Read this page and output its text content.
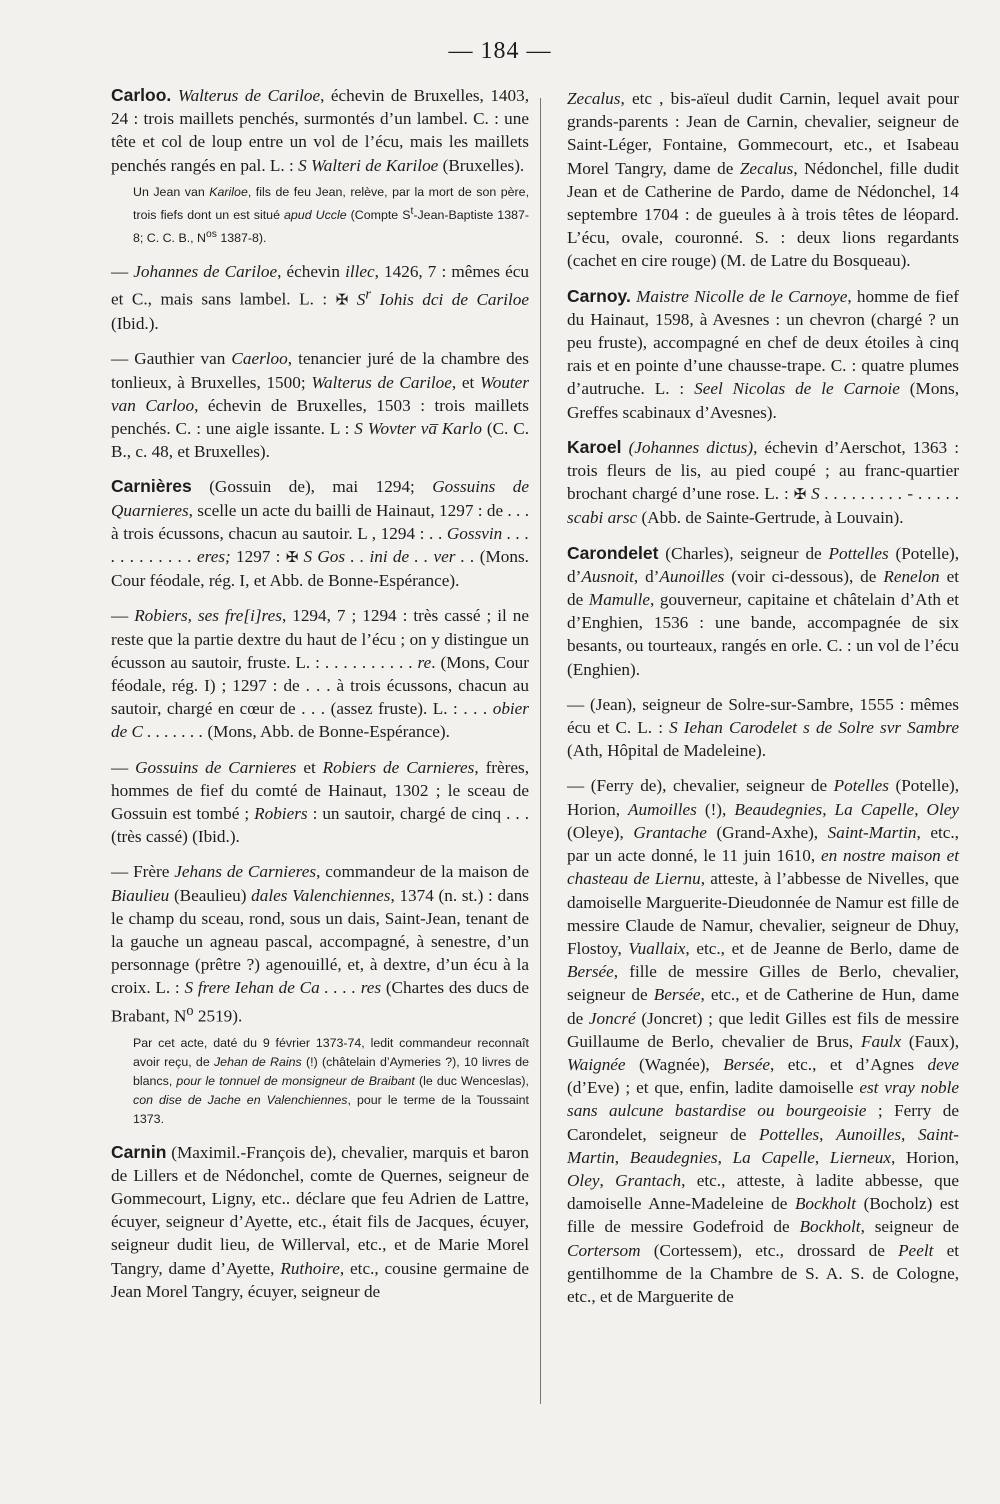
— 184 —

Carloo. Walterus de Cariloe, échevin de Bruxelles, 1403, 24 : trois maillets penchés, surmontés d’un lambel. C. : une tête et col de loup entre un vol de l’écu, mais les maillets penchés rangés en pal. L. : S Walteri de Kariloe (Bruxelles).

Un Jean van Kariloe, fils de feu Jean, relève, par la mort de son père, trois fiefs dont un est situé apud Uccle (Compte $S^t-Jean$-Baptiste 1387-8; C. C. B., $N^{os}$ 1387-8).

— Johannes de Cariloe, échevin illec, 1426, 7 : mêmes écu et C., mais sans lambel. L. : ✠ $S^r$ Iohis dci de Cariloe (Ibid.).

— Gauthier van Caerloo, tenancier juré de la chambre des tonlieux, à Bruxelles, 1500; Walterus de Cariloe, et Wouter van Carloo, échevin de Bruxelles, 1503 : trois maillets penchés. C. : une aigle issante. L : S Wovter va̅ Karlo (C. C. B., c. 48, et Bruxelles).

Carnières (Gossuin de), mai 1294; Gossuins de Quarnieres, scelle un acte du bailli de Hainaut, 1297 : de . . . à trois écussons, chacun au sautoir. L , 1294 : . . Gossvin . . . . . . . . . . . . eres; 1297 : ✠ S Gos . . ini de . . ver . . (Mons. Cour féodale, rég. I, et Abb. de Bonne-Espérance).

— Robiers, ses fre[i]res, 1294, 7 ; 1294 : très cassé ; il ne reste que la partie dextre du haut de l’écu ; on y distingue un écusson au sautoir, fruste. L. : . . . . . . . . . . re. (Mons, Cour féodale, rég. I) ; 1297 : de . . . à trois écussons, chacun au sautoir, chargé en cœur de . . . (assez fruste). L. : . . . obier de C . . . . . . . (Mons, Abb. de Bonne-Espérance).

— Gossuins de Carnieres et Robiers de Carnieres, frères, hommes de fief du comté de Hainaut, 1302 ; le sceau de Gossuin est tombé ; Robiers : un sautoir, chargé de cinq . . . (très cassé) (Ibid.).

— Frère Jehans de Carnieres, commandeur de la maison de Biaulieu (Beaulieu) dales Valenchiennes, 1374 (n. st.) : dans le champ du sceau, rond, sous un dais, Saint-Jean, tenant de la gauche un agneau pascal, accompagné, à senestre, d’un personnage (prêtre ?) agenouillé, et, à dextre, d’un écu à la croix. L. : S frere Iehan de Ca . . . . res (Chartes des ducs de Brabant, $N^o$ 2519).

Par cet acte, daté du 9 février 1373-74, ledit commandeur reconnaît avoir reçu, de Jehan de Rains (!) (châtelain d’Aymeries ?), 10 livres de blancs, pour le tonnuel de monsigneur de Braibant (le duc Wenceslas), con dise de Jache en Valenchiennes, pour le terme de la Toussaint 1373.

Carnin (Maximil.-François de), chevalier, marquis et baron de Lillers et de Nédonchel, comte de Quernes, seigneur de Gommecourt, Ligny, etc.. déclare que feu Adrien de Lattre, écuyer, seigneur d’Ayette, etc., était fils de Jacques, écuyer, seigneur dudit lieu, de Willerval, etc., et de Marie Morel Tangry, dame d’Ayette, Ruthoire, etc., cousine germaine de Jean Morel Tangry, écuyer, seigneur de

Zecalus, etc , bis-aïeul dudit Carnin, lequel avait pour grands-parents : Jean de Carnin, chevalier, seigneur de Saint-Léger, Fontaine, Gommecourt, etc., et Isabeau Morel Tangry, dame de Zecalus, Nédonchel, fille dudit Jean et de Catherine de Pardo, dame de Nédonchel, 14 septembre 1704 : de gueules à à trois têtes de léopard. L’écu, ovale, couronné. S. : deux lions regardants (cachet en cire rouge) (M. de Latre du Bosqueau).

Carnoy. Maistre Nicolle de le Carnoye, homme de fief du Hainaut, 1598, à Avesnes : un chevron (chargé ? un peu fruste), accompagné en chef de deux étoiles à cinq rais et en pointe d’une chausse-trape. C. : quatre plumes d’autruche. L. : Seel Nicolas de le Carnoie (Mons, Greffes scabinaux d’Avesnes).

Karoel (Johannes dictus), échevin d’Aerschot, 1363 : trois fleurs de lis, au pied coupé ; au franc-quartier brochant chargé d’une rose. L. : ✠ S . . . . . . . . . - . . . . . scabi arsc (Abb. de Sainte-Gertrude, à Louvain).

Carondelet (Charles), seigneur de Pottelles (Potelle), d’Ausnoit, d’Aunoilles (voir ci-dessous), de Renelon et de Mamulle, gouverneur, capitaine et châtelain d’Ath et d’Enghien, 1536 : une bande, accompagnée de six besants, ou tourteaux, rangés en orle. C. : un vol de l’écu (Enghien).

— (Jean), seigneur de Solre-sur-Sambre, 1555 : mêmes écu et C. L. : S Iehan Carodelet s de Solre svr Sambre (Ath, Hôpital de Madeleine).

— (Ferry de), chevalier, seigneur de Potelles (Potelle), Horion, Aumoilles (!), Beaudegnies, La Capelle, Oley (Oleye), Grantache (Grand-Axhe), Saint-Martin, etc., par un acte donné, le 11 juin 1610, en nostre maison et chasteau de Liernu, atteste, à l’abbesse de Nivelles, que damoiselle Marguerite-Dieudonnée de Namur est fille de messire Claude de Namur, chevalier, seigneur de Dhuy, Flostoy, Vuallaix, etc., et de Jeanne de Berlo, dame de Bersée, fille de messire Gilles de Berlo, chevalier, seigneur de Bersée, etc., et de Catherine de Hun, dame de Joncré (Joncret) ; que ledit Gilles est fils de messire Guillaume de Berlo, chevalier de Brus, Faulx (Faux), Waignée (Wagnée), Bersée, etc., et d’Agnes deve (d’Eve) ; et que, enfin, ladite damoiselle est vray noble sans aulcune bastardise ou bourgeoisie ; Ferry de Carondelet, seigneur de Pottelles, Aunoilles, Saint-Martin, Beaudegnies, La Capelle, Lierneux, Horion, Oley, Grantach, etc., atteste, à ladite abbesse, que damoiselle Anne-Madeleine de Bockholt (Bocholz) est fille de messire Godefroid de Bockholt, seigneur de Cortersom (Cortessem), etc., drossard de Peelt et gentilhomme de la Chambre de S. A. S. de Cologne, etc., et de Marguerite de
